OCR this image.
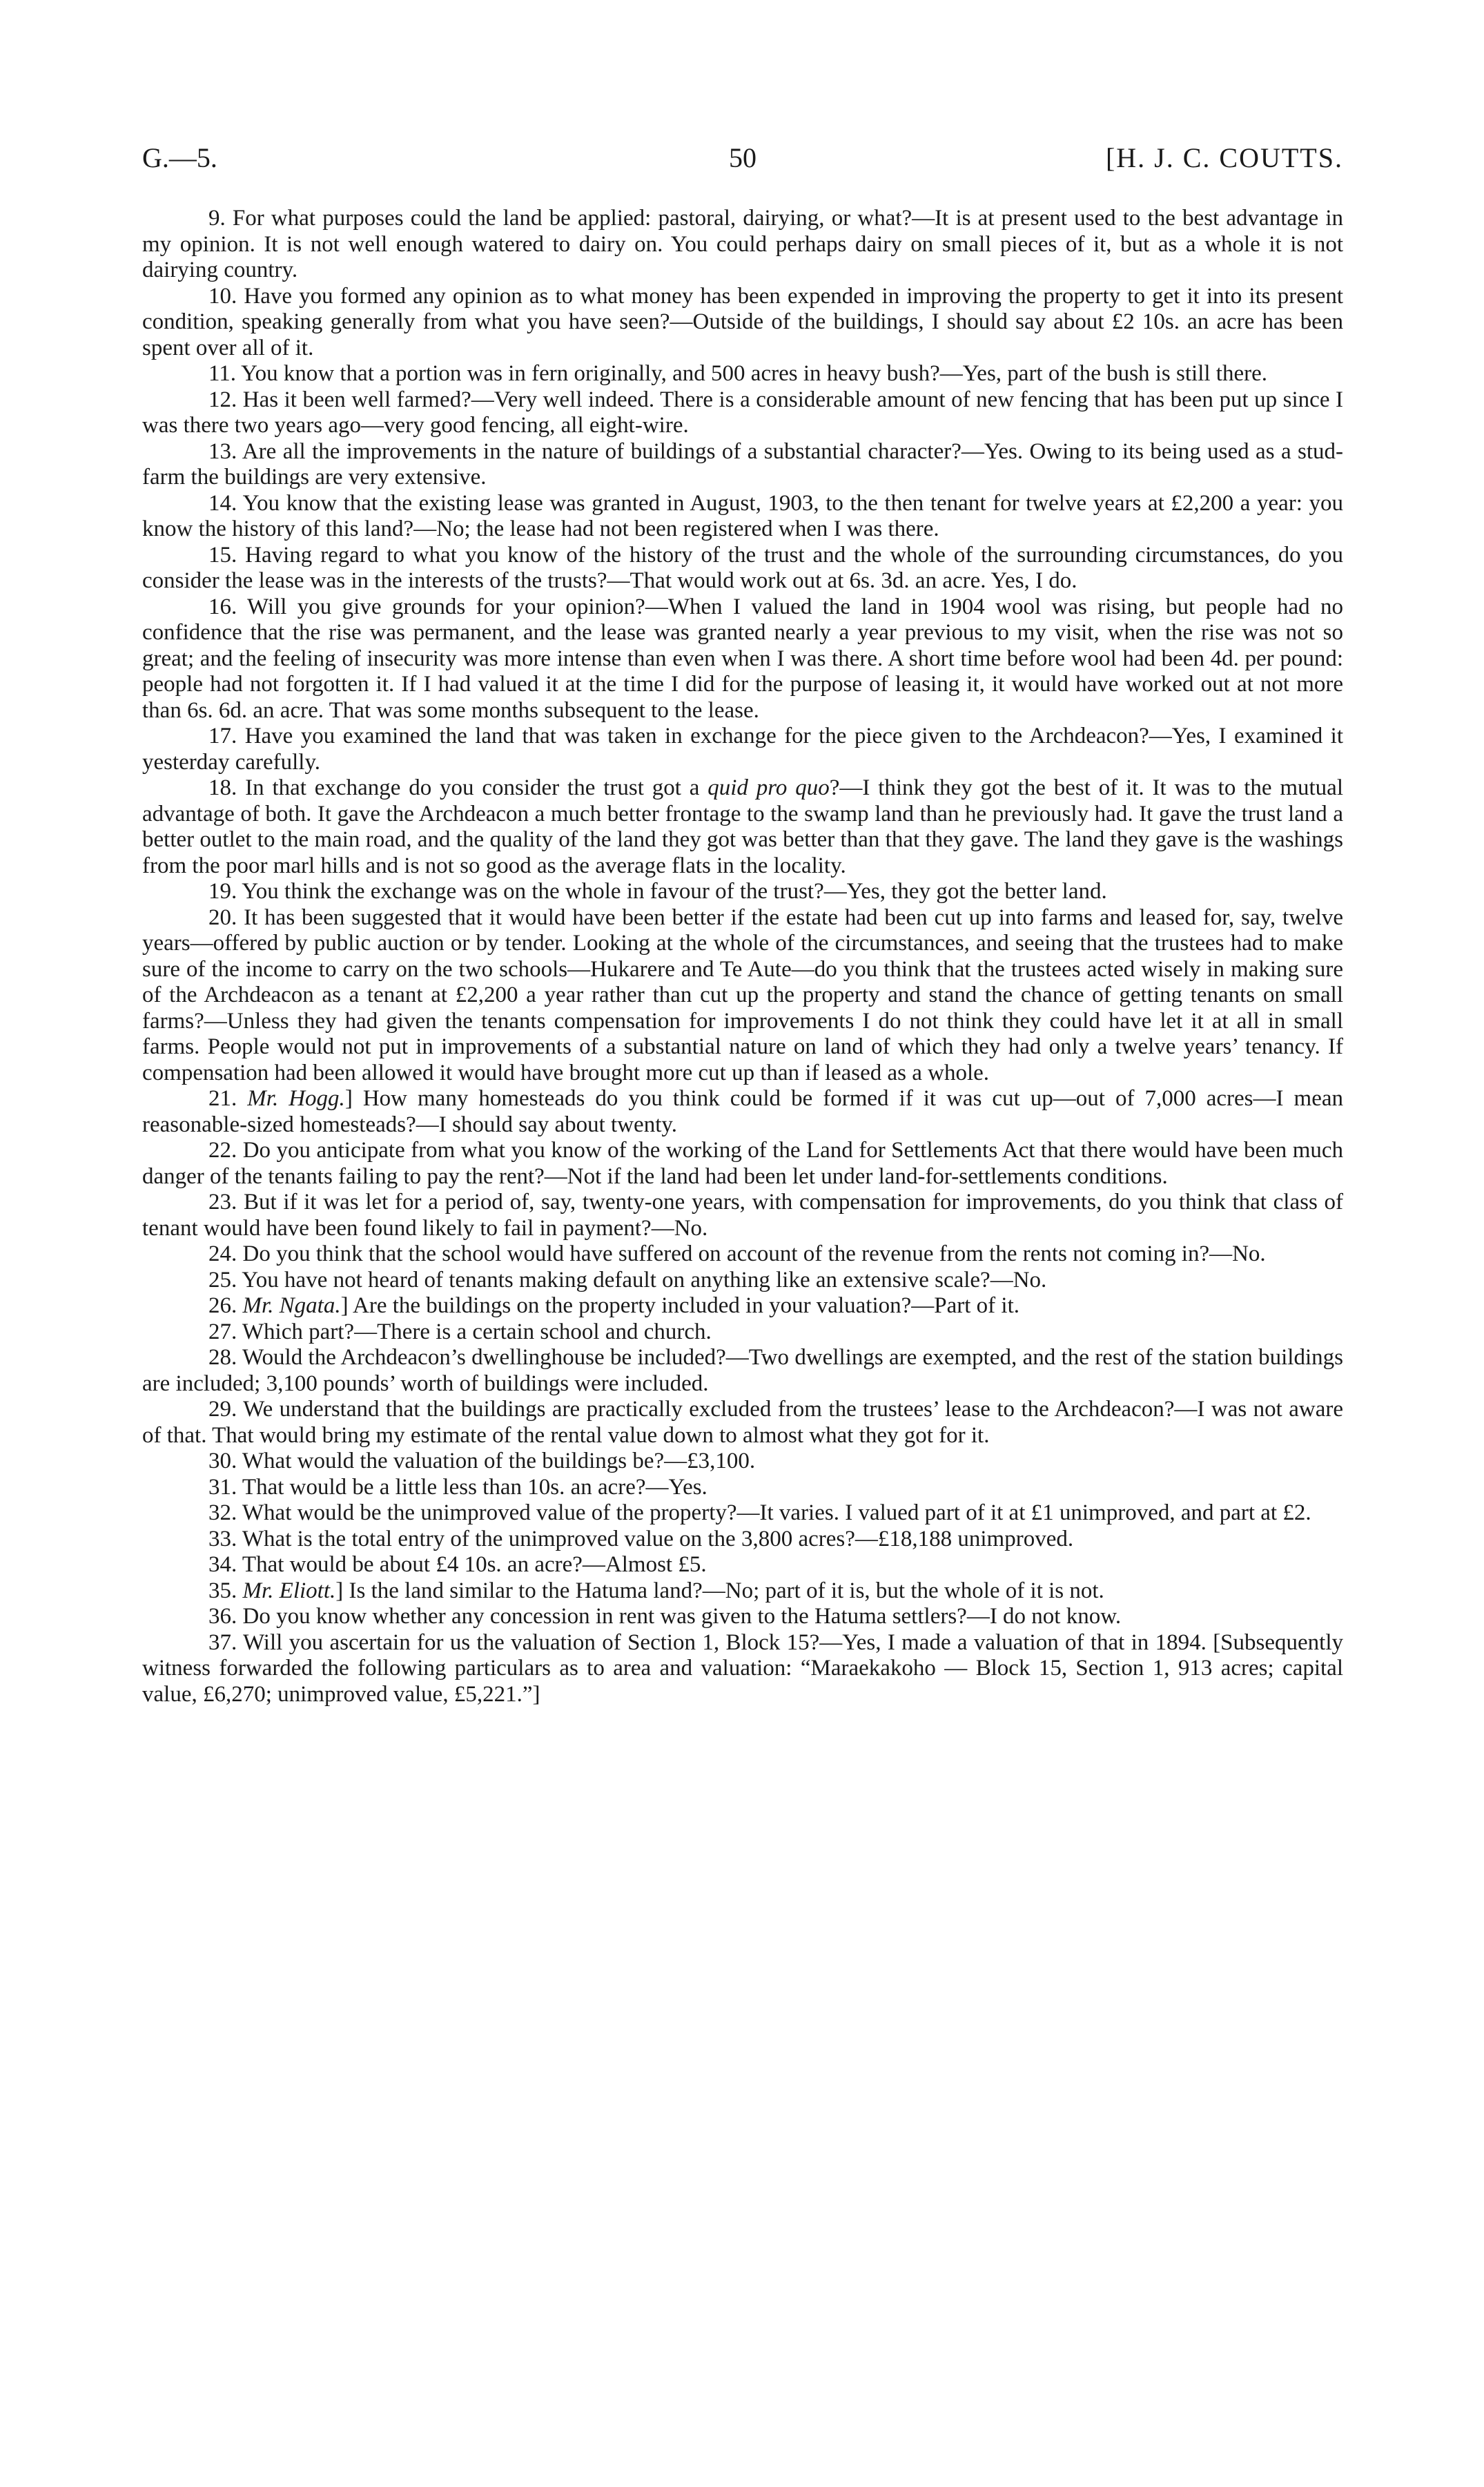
G.—5.	50	[H. J. C. COUTTS.

9. For what purposes could the land be applied: pastoral, dairying, or what?—It is at present used to the best advantage in my opinion. It is not well enough watered to dairy on. You could perhaps dairy on small pieces of it, but as a whole it is not dairying country.

10. Have you formed any opinion as to what money has been expended in improving the property to get it into its present condition, speaking generally from what you have seen?—Outside of the buildings, I should say about £2 10s. an acre has been spent over all of it.

11. You know that a portion was in fern originally, and 500 acres in heavy bush?—Yes, part of the bush is still there.

12. Has it been well farmed?—Very well indeed. There is a considerable amount of new fencing that has been put up since I was there two years ago—very good fencing, all eight-wire.

13. Are all the improvements in the nature of buildings of a substantial character?—Yes. Owing to its being used as a stud-farm the buildings are very extensive.

14. You know that the existing lease was granted in August, 1903, to the then tenant for twelve years at £2,200 a year: you know the history of this land?—No; the lease had not been registered when I was there.

15. Having regard to what you know of the history of the trust and the whole of the surrounding circumstances, do you consider the lease was in the interests of the trusts?—That would work out at 6s. 3d. an acre. Yes, I do.

16. Will you give grounds for your opinion?—When I valued the land in 1904 wool was rising, but people had no confidence that the rise was permanent, and the lease was granted nearly a year previous to my visit, when the rise was not so great; and the feeling of insecurity was more intense than even when I was there. A short time before wool had been 4d. per pound: people had not forgotten it. If I had valued it at the time I did for the purpose of leasing it, it would have worked out at not more than 6s. 6d. an acre. That was some months subsequent to the lease.

17. Have you examined the land that was taken in exchange for the piece given to the Archdeacon?—Yes, I examined it yesterday carefully.

18. In that exchange do you consider the trust got a quid pro quo?—I think they got the best of it. It was to the mutual advantage of both. It gave the Archdeacon a much better frontage to the swamp land than he previously had. It gave the trust land a better outlet to the main road, and the quality of the land they got was better than that they gave. The land they gave is the washings from the poor marl hills and is not so good as the average flats in the locality.

19. You think the exchange was on the whole in favour of the trust?—Yes, they got the better land.

20. It has been suggested that it would have been better if the estate had been cut up into farms and leased for, say, twelve years—offered by public auction or by tender. Looking at the whole of the circumstances, and seeing that the trustees had to make sure of the income to carry on the two schools—Hukarere and Te Aute—do you think that the trustees acted wisely in making sure of the Archdeacon as a tenant at £2,200 a year rather than cut up the property and stand the chance of getting tenants on small farms?—Unless they had given the tenants compensation for improvements I do not think they could have let it at all in small farms. People would not put in improvements of a substantial nature on land of which they had only a twelve years’ tenancy. If compensation had been allowed it would have brought more cut up than if leased as a whole.

21. Mr. Hogg.] How many homesteads do you think could be formed if it was cut up—out of 7,000 acres—I mean reasonable-sized homesteads?—I should say about twenty.

22. Do you anticipate from what you know of the working of the Land for Settlements Act that there would have been much danger of the tenants failing to pay the rent?—Not if the land had been let under land-for-settlements conditions.

23. But if it was let for a period of, say, twenty-one years, with compensation for improvements, do you think that class of tenant would have been found likely to fail in payment?—No.

24. Do you think that the school would have suffered on account of the revenue from the rents not coming in?—No.

25. You have not heard of tenants making default on anything like an extensive scale?—No.

26. Mr. Ngata.] Are the buildings on the property included in your valuation?—Part of it.

27. Which part?—There is a certain school and church.

28. Would the Archdeacon’s dwellinghouse be included?—Two dwellings are exempted, and the rest of the station buildings are included; 3,100 pounds’ worth of buildings were included.

29. We understand that the buildings are practically excluded from the trustees’ lease to the Archdeacon?—I was not aware of that. That would bring my estimate of the rental value down to almost what they got for it.

30. What would the valuation of the buildings be?—£3,100.

31. That would be a little less than 10s. an acre?—Yes.

32. What would be the unimproved value of the property?—It varies. I valued part of it at £1 unimproved, and part at £2.

33. What is the total entry of the unimproved value on the 3,800 acres?—£18,188 unimproved.

34. That would be about £4 10s. an acre?—Almost £5.

35. Mr. Eliott.] Is the land similar to the Hatuma land?—No; part of it is, but the whole of it is not.

36. Do you know whether any concession in rent was given to the Hatuma settlers?—I do not know.

37. Will you ascertain for us the valuation of Section 1, Block 15?—Yes, I made a valuation of that in 1894. [Subsequently witness forwarded the following particulars as to area and valuation: “Maraekakoho — Block 15, Section 1, 913 acres; capital value, £6,270; unimproved value, £5,221.”]
